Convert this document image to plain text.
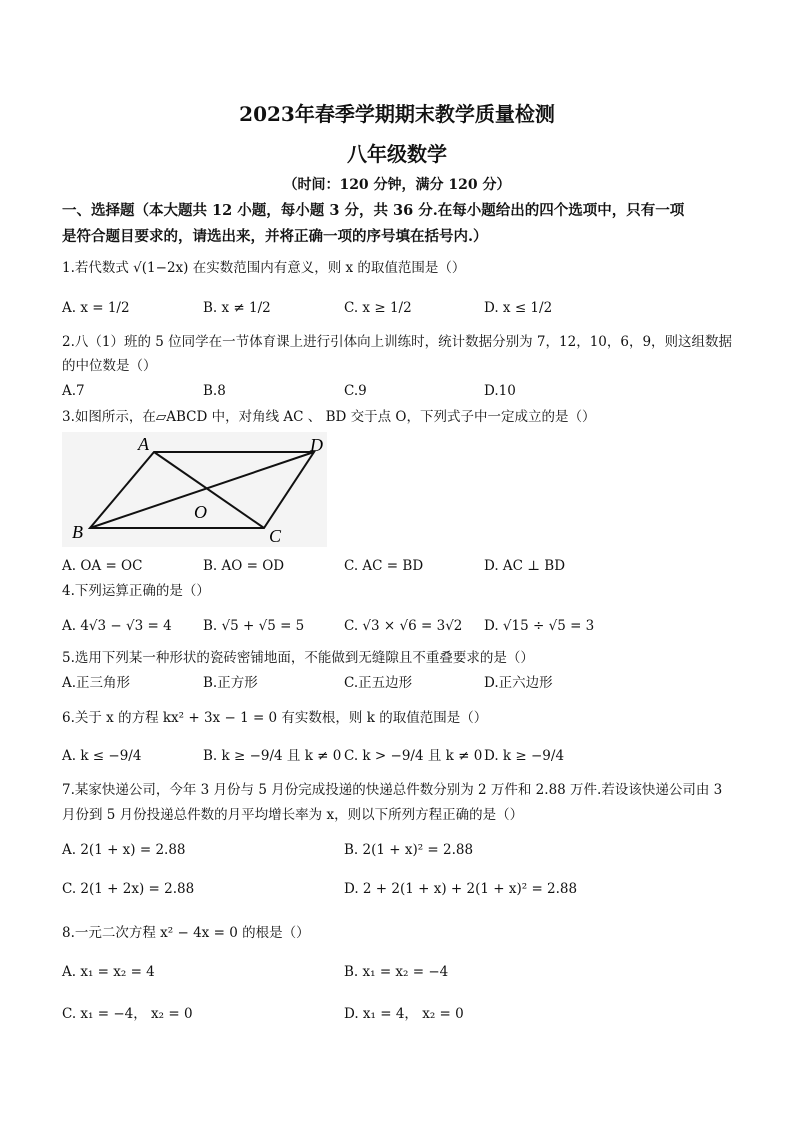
2023年春季学期期末教学质量检测
八年级数学
（时间：120 分钟，满分 120 分）
一、选择题（本大题共 12 小题，每小题 3 分，共 36 分.在每小题给出的四个选项中，只有一项
是符合题目要求的，请选出来，并将正确一项的序号填在括号内.）
1.若代数式 √(1−2x) 在实数范围内有意义，则 x 的取值范围是（）
A. x = 1/2	B. x ≠ 1/2	C. x ≥ 1/2	D. x ≤ 1/2
2.八（1）班的 5 位同学在一节体育课上进行引体向上训练时，统计数据分别为 7，12，10，6，9，则这组数据
的中位数是（）
A.7	B.8	C.9	D.10
3.如图所示，在▱ABCD 中，对角线 AC 、 BD 交于点 O，下列式子中一定成立的是（）
A	D
B	C
O
A. OA = OC	B. AO = OD	C. AC = BD	D. AC ⊥ BD
4.下列运算正确的是（）
A. 4√3 − √3 = 4 B. √5 + √5 = 5	C. √3 × √6 = 3√2 D. √15 ÷ √5 = 3
5.选用下列某一种形状的瓷砖密铺地面，不能做到无缝隙且不重叠要求的是（）
A.正三角形	B.正方形	C.正五边形	D.正六边形
6.关于 x 的方程 kx² + 3x − 1 = 0 有实数根，则 k 的取值范围是（）
A. k ≤ −9/4	B. k ≥ −9/4 且 k ≠ 0 C. k > −9/4 且 k ≠ 0 D. k ≥ −9/4
7.某家快递公司，今年 3 月份与 5 月份完成投递的快递总件数分别为 2 万件和 2.88 万件.若设该快递公司由 3
月份到 5 月份投递总件数的月平均增长率为 x，则以下所列方程正确的是（）
A. 2(1 + x) = 2.88	B. 2(1 + x)² = 2.88
C. 2(1 + 2x) = 2.88	D. 2 + 2(1 + x) + 2(1 + x)² = 2.88
8.一元二次方程 x² − 4x = 0 的根是（）
A. x₁ = x₂ = 4	B. x₁ = x₂ = −4
C. x₁ = −4， x₂ = 0	D. x₁ = 4， x₂ = 0
